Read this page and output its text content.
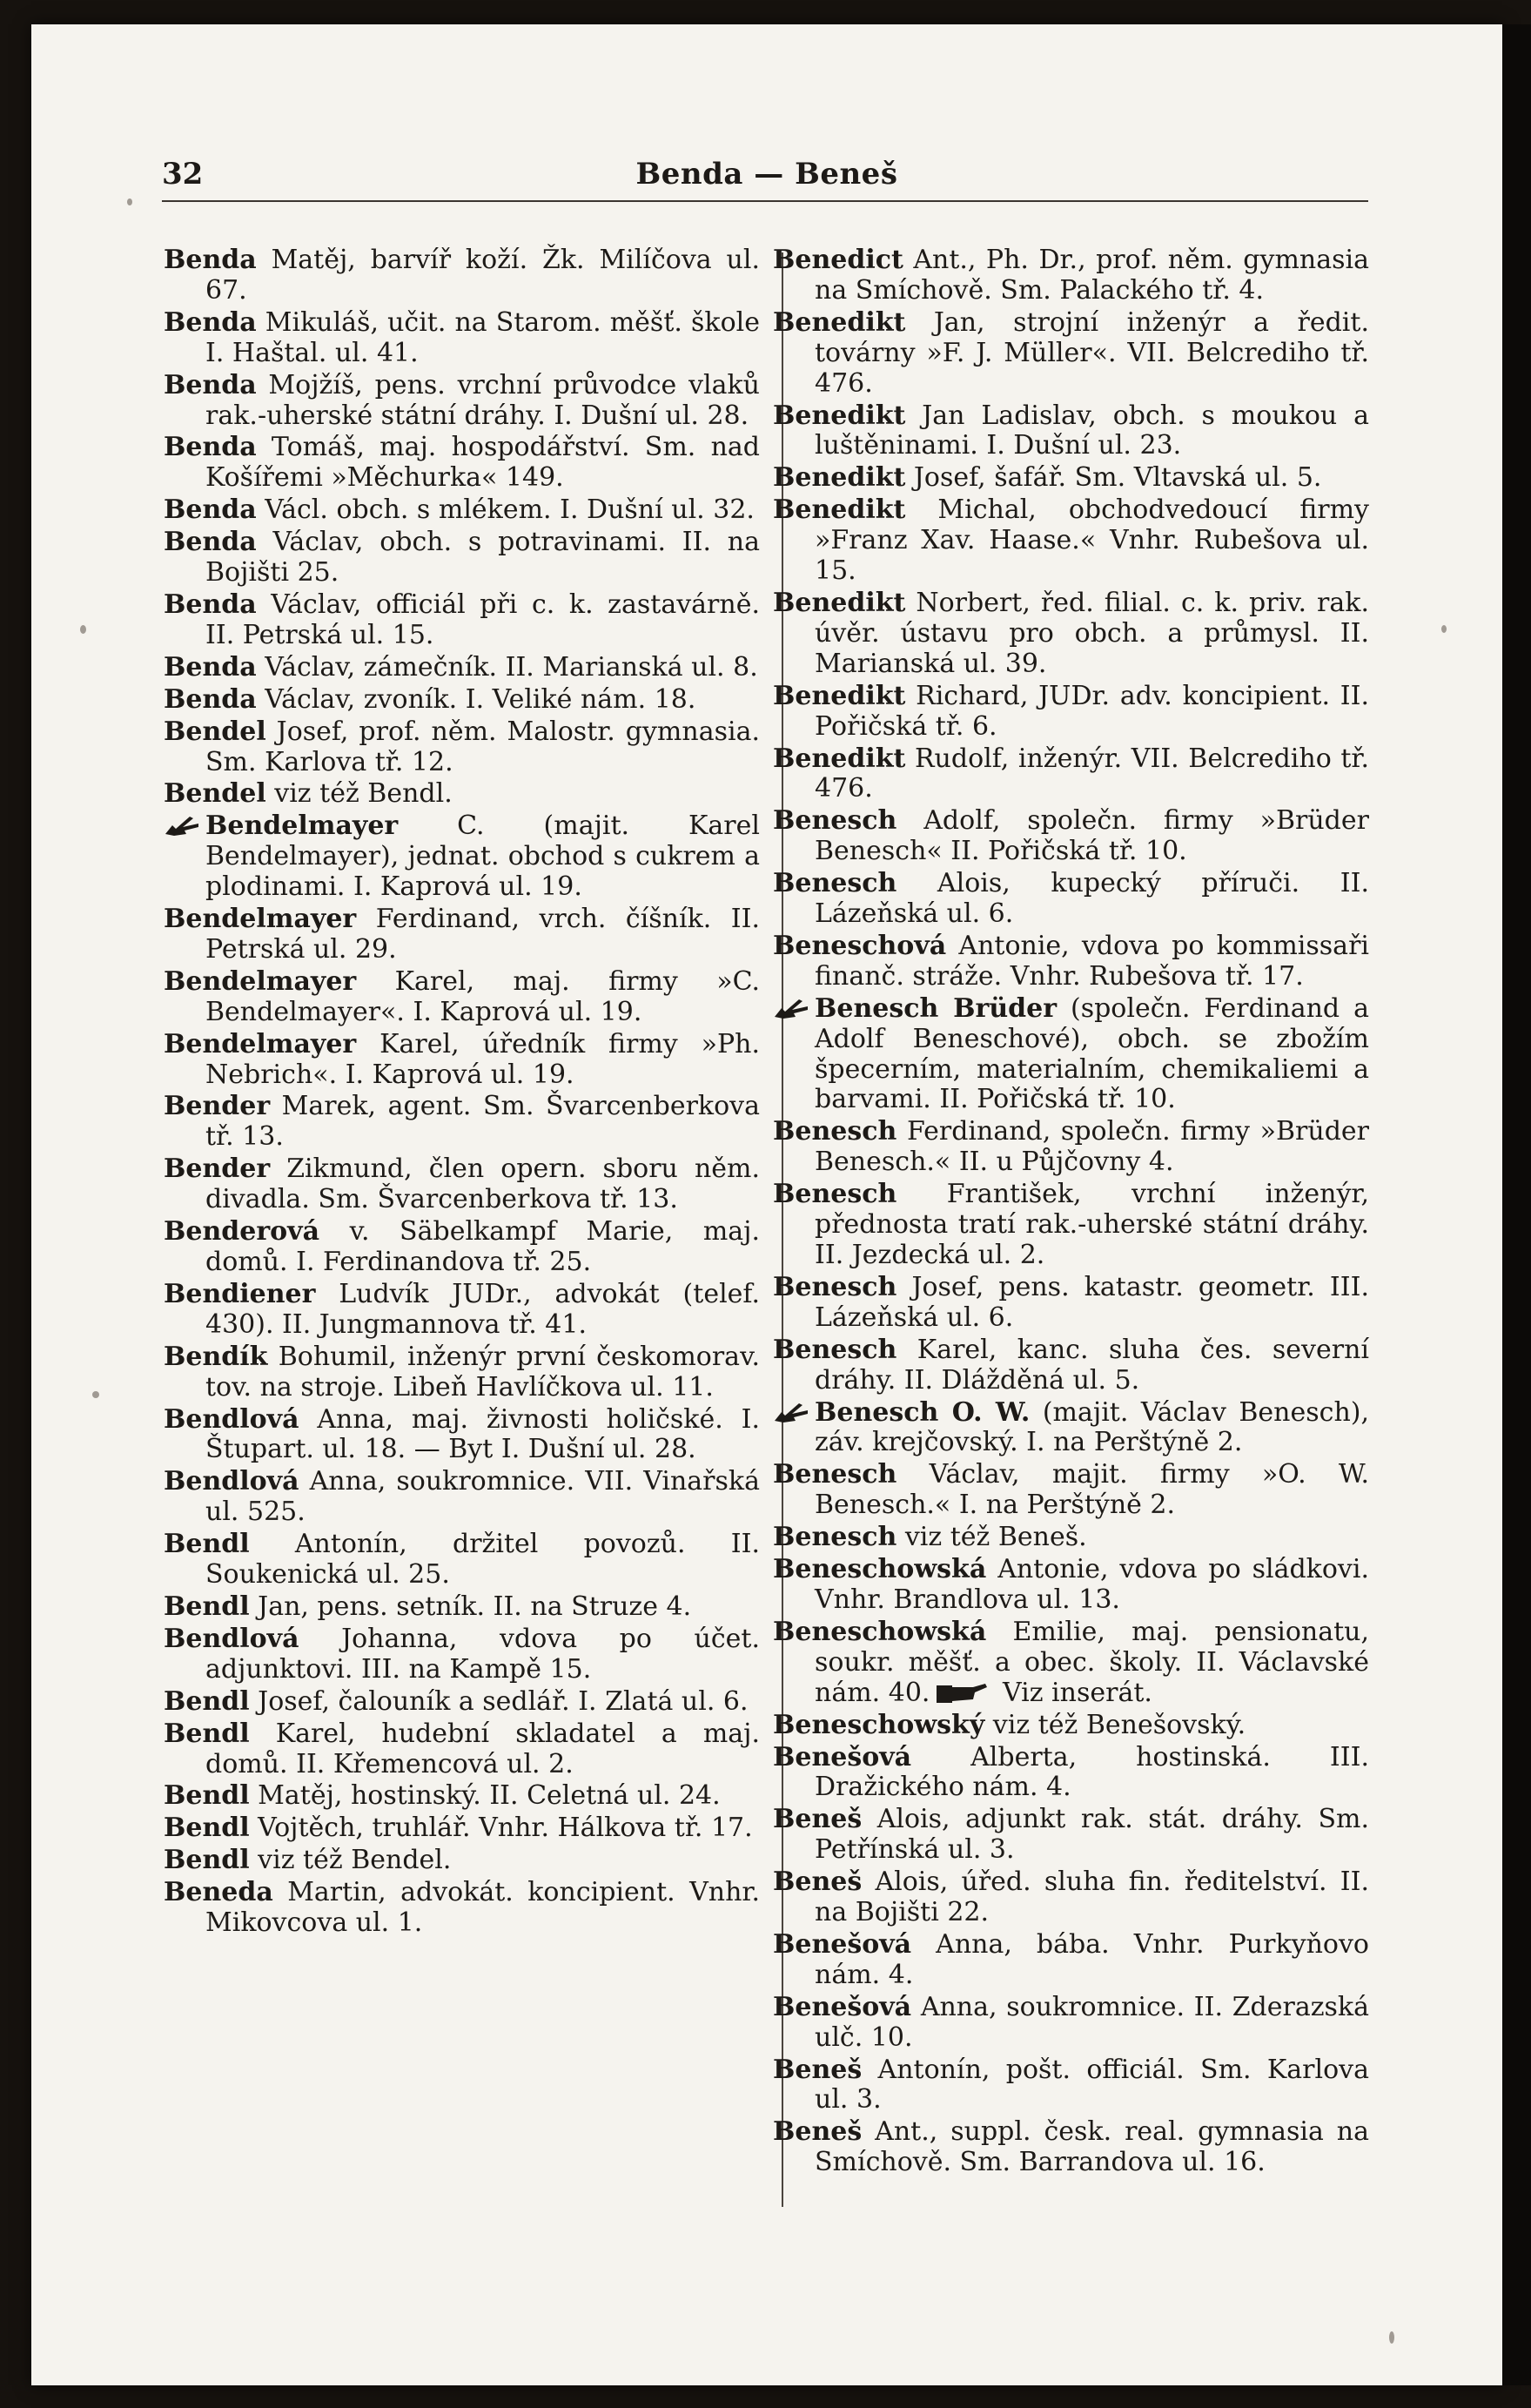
32	Benda — Beneš

Benda Matěj, barvíř koží. Žk. Milíčova ul. 67.

Benda Mikuláš, učit. na Starom. měšť. škole I. Haštal. ul. 41.

Benda Mojžíš, pens. vrchní průvodce vlaků rak.-uherské státní dráhy. I. Dušní ul. 28.

Benda Tomáš, maj. hospodářství. Sm. nad Košířemi »Měchurka« 149.

Benda Václ. obch. s mlékem. I. Dušní ul. 32.

Benda Václav, obch. s potravinami. II. na Bojišti 25.

Benda Václav, officiál při c. k. zastavárně. II. Petrská ul. 15.

Benda Václav, zámečník. II. Marianská ul. 8.

Benda Václav, zvoník. I. Veliké nám. 18.

Bendel Josef, prof. něm. Malostr. gymnasia. Sm. Karlova tř. 12.

Bendel viz též Bendl.

Bendelmayer C. (majit. Karel Bendelmayer), jednat. obchod s cukrem a plodinami. I. Kaprová ul. 19.

Bendelmayer Ferdinand, vrch. číšník. II. Petrská ul. 29.

Bendelmayer Karel, maj. firmy »C. Bendelmayer«. I. Kaprová ul. 19.

Bendelmayer Karel, úředník firmy »Ph. Nebrich«. I. Kaprová ul. 19.

Bender Marek, agent. Sm. Švarcenberkova tř. 13.

Bender Zikmund, člen opern. sboru něm. divadla. Sm. Švarcenberkova tř. 13.

Benderová v. Säbelkampf Marie, maj. domů. I. Ferdinandova tř. 25.

Bendiener Ludvík JUDr., advokát (telef. 430). II. Jungmannova tř. 41.

Bendík Bohumil, inženýr první českomorav. tov. na stroje. Libeň Havlíčkova ul. 11.

Bendlová Anna, maj. živnosti holičské. I. Štupart. ul. 18. — Byt I. Dušní ul. 28.

Bendlová Anna, soukromnice. VII. Vinařská ul. 525.

Bendl Antonín, držitel povozů. II. Soukenická ul. 25.

Bendl Jan, pens. setník. II. na Struze 4.

Bendlová Johanna, vdova po účet. adjunktovi. III. na Kampě 15.

Bendl Josef, čalouník a sedlář. I. Zlatá ul. 6.

Bendl Karel, hudební skladatel a maj. domů. II. Křemencová ul. 2.

Bendl Matěj, hostinský. II. Celetná ul. 24.

Bendl Vojtěch, truhlář. Vnhr. Hálkova tř. 17.

Bendl viz též Bendel.

Beneda Martin, advokát. koncipient. Vnhr. Mikovcova ul. 1.

Benedict Ant., Ph. Dr., prof. něm. gymnasia na Smíchově. Sm. Palackého tř. 4.

Benedikt Jan, strojní inženýr a ředit. továrny »F. J. Müller«. VII. Belcrediho tř. 476.

Benedikt Jan Ladislav, obch. s moukou a luštěninami. I. Dušní ul. 23.

Benedikt Josef, šafář. Sm. Vltavská ul. 5.

Benedikt Michal, obchodvedoucí firmy »Franz Xav. Haase.« Vnhr. Rubešova ul. 15.

Benedikt Norbert, řed. filial. c. k. priv. rak. úvěr. ústavu pro obch. a průmysl. II. Marianská ul. 39.

Benedikt Richard, JUDr. adv. koncipient. II. Pořičská tř. 6.

Benedikt Rudolf, inženýr. VII. Belcrediho tř. 476.

Benesch Adolf, společn. firmy »Brüder Benesch« II. Pořičská tř. 10.

Benesch Alois, kupecký příruči. II. Lázeňská ul. 6.

Beneschová Antonie, vdova po kommissaři finanč. stráže. Vnhr. Rubešova tř. 17.

Benesch Brüder (společn. Ferdinand a Adolf Beneschové), obch. se zbožím špecerním, materialním, chemikaliemi a barvami. II. Pořičská tř. 10.

Benesch Ferdinand, společn. firmy »Brüder Benesch.« II. u Půjčovny 4.

Benesch František, vrchní inženýr, přednosta tratí rak.-uherské státní dráhy. II. Jezdecká ul. 2.

Benesch Josef, pens. katastr. geometr. III. Lázeňská ul. 6.

Benesch Karel, kanc. sluha čes. severní dráhy. II. Dlážděná ul. 5.

Benesch O. W. (majit. Václav Benesch), záv. krejčovský. I. na Perštýně 2.

Benesch Václav, majit. firmy »O. W. Benesch.« I. na Perštýně 2.

Benesch viz též Beneš.

Beneschowská Antonie, vdova po sládkovi. Vnhr. Brandlova ul. 13.

Beneschowská Emilie, maj. pensionatu, soukr. měšť. a obec. školy. II. Václavské nám. 40. Viz inserát.

Beneschowský viz též Benešovský.

Benešová Alberta, hostinská. III. Dražického nám. 4.

Beneš Alois, adjunkt rak. stát. dráhy. Sm. Petřínská ul. 3.

Beneš Alois, úřed. sluha fin. ředitelství. II. na Bojišti 22.

Benešová Anna, bába. Vnhr. Purkyňovo nám. 4.

Benešová Anna, soukromnice. II. Zderazská ulč. 10.

Beneš Antonín, pošt. officiál. Sm. Karlova ul. 3.

Beneš Ant., suppl. česk. real. gymnasia na Smíchově. Sm. Barrandova ul. 16.
